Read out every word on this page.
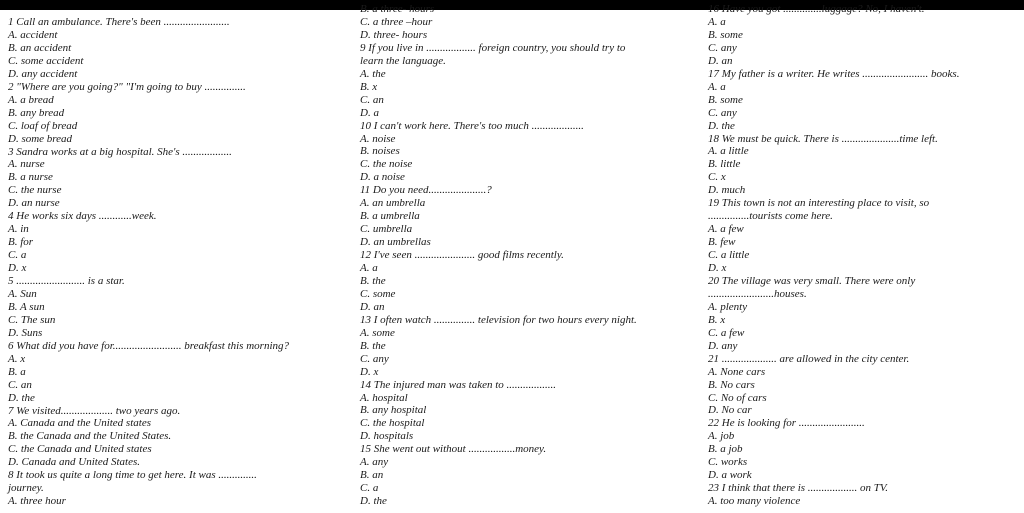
1 Call an ambulance. There's been ........................
A. accident
B. an accident
C. some accident
D. any accident
2 "Where are you going?" "I'm going to buy ...............
A. a bread
B. any bread
C. loaf of bread
D. some bread
3 Sandra works at a big hospital. She's ..................
A. nurse
B. a nurse
C. the nurse
D. an nurse
4 He works six days ............week.
A. in
B. for
C. a
D. x
5 ......................... is a star.
A. Sun
B. A sun
C. The sun
D. Suns
6 What did you have for......................... breakfast this morning?
A. x
B. a
C. an
D. the
7 We visited................... two years ago.
A. Canada and the United states
B. the Canada and the United States.
C. the Canada and United states
D. Canada and United States.
8 It took us quite a long time to get here. It was ..............
journey.
A. three hour
B. a three- hours
C. a three –hour
D. three- hours
9 If you live in .................. foreign country, you should try to
learn the language.
A. the
B. x
C. an
D. a
10 I can't work here. There's too much ...................
A. noise
B. noises
C. the noise
D. a noise
11 Do you need.....................?
A. an umbrella
B. a umbrella
C. umbrella
D. an umbrellas
12 I've seen ...................... good films recently.
A. a
B. the
C. some
D. an
13 I often watch ............... television for two hours every night.
A. some
B. the
C. any
D. x
14 The injured man was taken to ..................
A. hospital
B. any hospital
C. the hospital
D. hospitals
15 She went out without .................money.
A. any
B. an
C. a
D. the
16 Have you got ..............luggage? No, I haven't.
A. a
B. some
C. any
D. an
17 My father is a writer. He writes ........................ books.
A. a
B. some
C. any
D. the
18 We must be quick. There is .....................time left.
A. a little
B. little
C. x
D. much
19 This town is not an interesting place to visit, so
...............tourists come here.
A. a few
B. few
C. a little
D. x
20 The village was very small. There were only
........................houses.
A. plenty
B. x
C. a few
D. any
21 .................... are allowed in the city center.
A. None cars
B. No cars
C. No of cars
D. No car
22 He is looking for ........................
A. job
B. a job
C. works
D. a work
23 I think that there is .................. on TV.
A. too many violence
